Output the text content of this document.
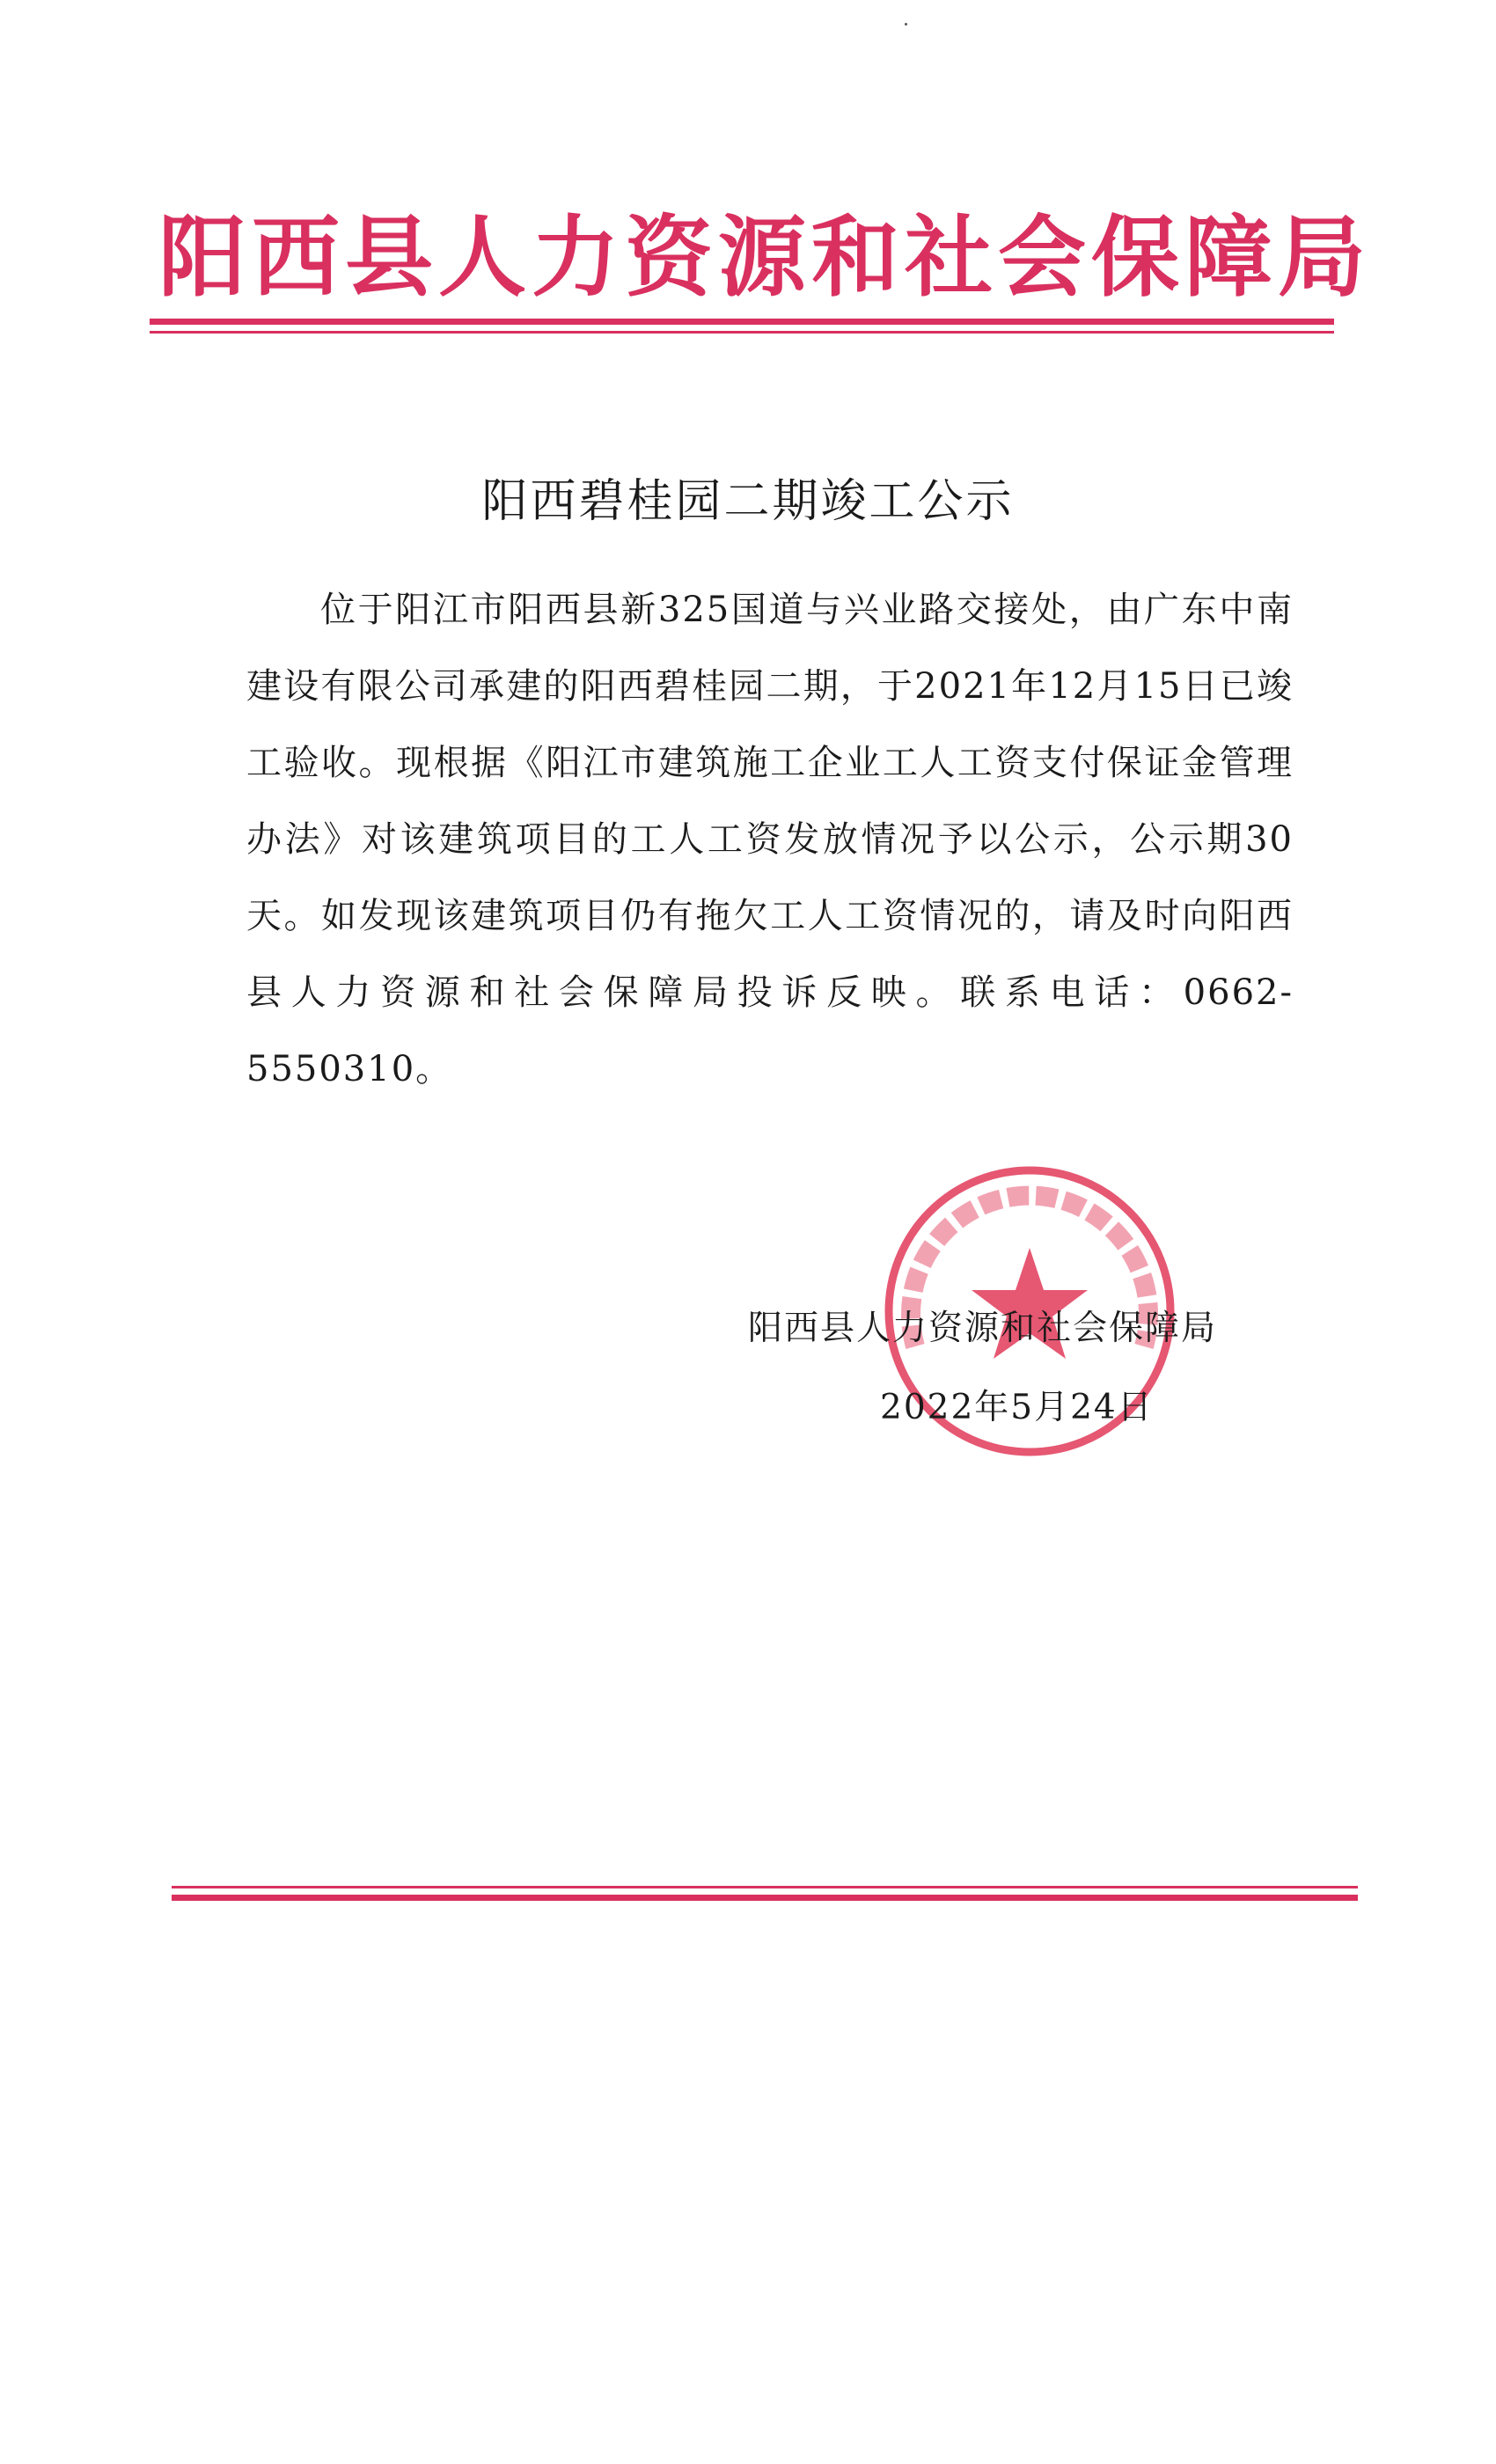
阳西县人力资源和社会保障局
阳西碧桂园二期竣工公示
位于阳江市阳西县新325国道与兴业路交接处，由广东中南建设有限公司承建的阳西碧桂园二期，于2021年12月15日已竣工验收。现根据《阳江市建筑施工企业工人工资支付保证金管理办法》对该建筑项目的工人工资发放情况予以公示，公示期30天。如发现该建筑项目仍有拖欠工人工资情况的，请及时向阳西县人力资源和社会保障局投诉反映。联系电话：0662-5550310。
阳西县人力资源和社会保障局
2022年5月24日
